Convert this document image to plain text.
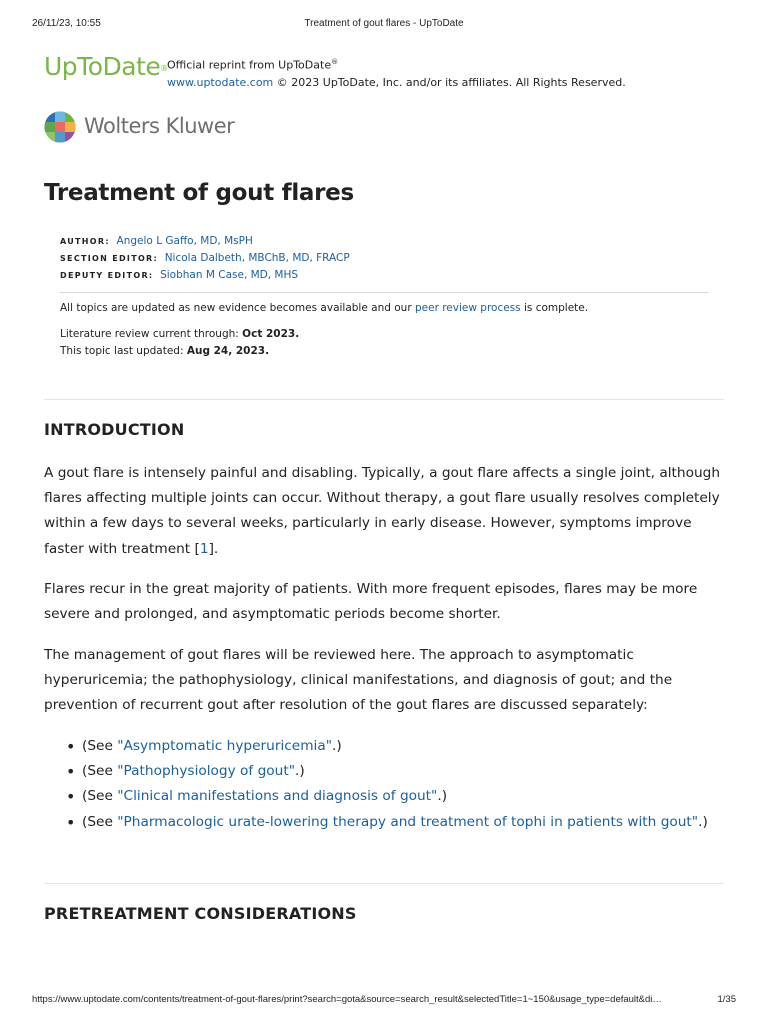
26/11/23, 10:55	Treatment of gout flares - UpToDate
UpToDate® Official reprint from UpToDate®
www.uptodate.com © 2023 UpToDate, Inc. and/or its affiliates. All Rights Reserved.
Wolters Kluwer
Treatment of gout flares
AUTHOR: Angelo L Gaffo, MD, MsPH
SECTION EDITOR: Nicola Dalbeth, MBChB, MD, FRACP
DEPUTY EDITOR: Siobhan M Case, MD, MHS
All topics are updated as new evidence becomes available and our peer review process is complete.
Literature review current through: Oct 2023.
This topic last updated: Aug 24, 2023.
INTRODUCTION

A gout flare is intensely painful and disabling. Typically, a gout flare affects a single joint, although flares affecting multiple joints can occur. Without therapy, a gout flare usually resolves completely within a few days to several weeks, particularly in early disease. However, symptoms improve faster with treatment [1].

Flares recur in the great majority of patients. With more frequent episodes, flares may be more severe and prolonged, and asymptomatic periods become shorter.

The management of gout flares will be reviewed here. The approach to asymptomatic hyperuricemia; the pathophysiology, clinical manifestations, and diagnosis of gout; and the prevention of recurrent gout after resolution of the gout flares are discussed separately:

• (See "Asymptomatic hyperuricemia".)
• (See "Pathophysiology of gout".)
• (See "Clinical manifestations and diagnosis of gout".)
• (See "Pharmacologic urate-lowering therapy and treatment of tophi in patients with gout".)
PRETREATMENT CONSIDERATIONS
https://www.uptodate.com/contents/treatment-of-gout-flares/print?search=gota&source=search_result&selectedTitle=1~150&usage_type=default&di…	1/35
